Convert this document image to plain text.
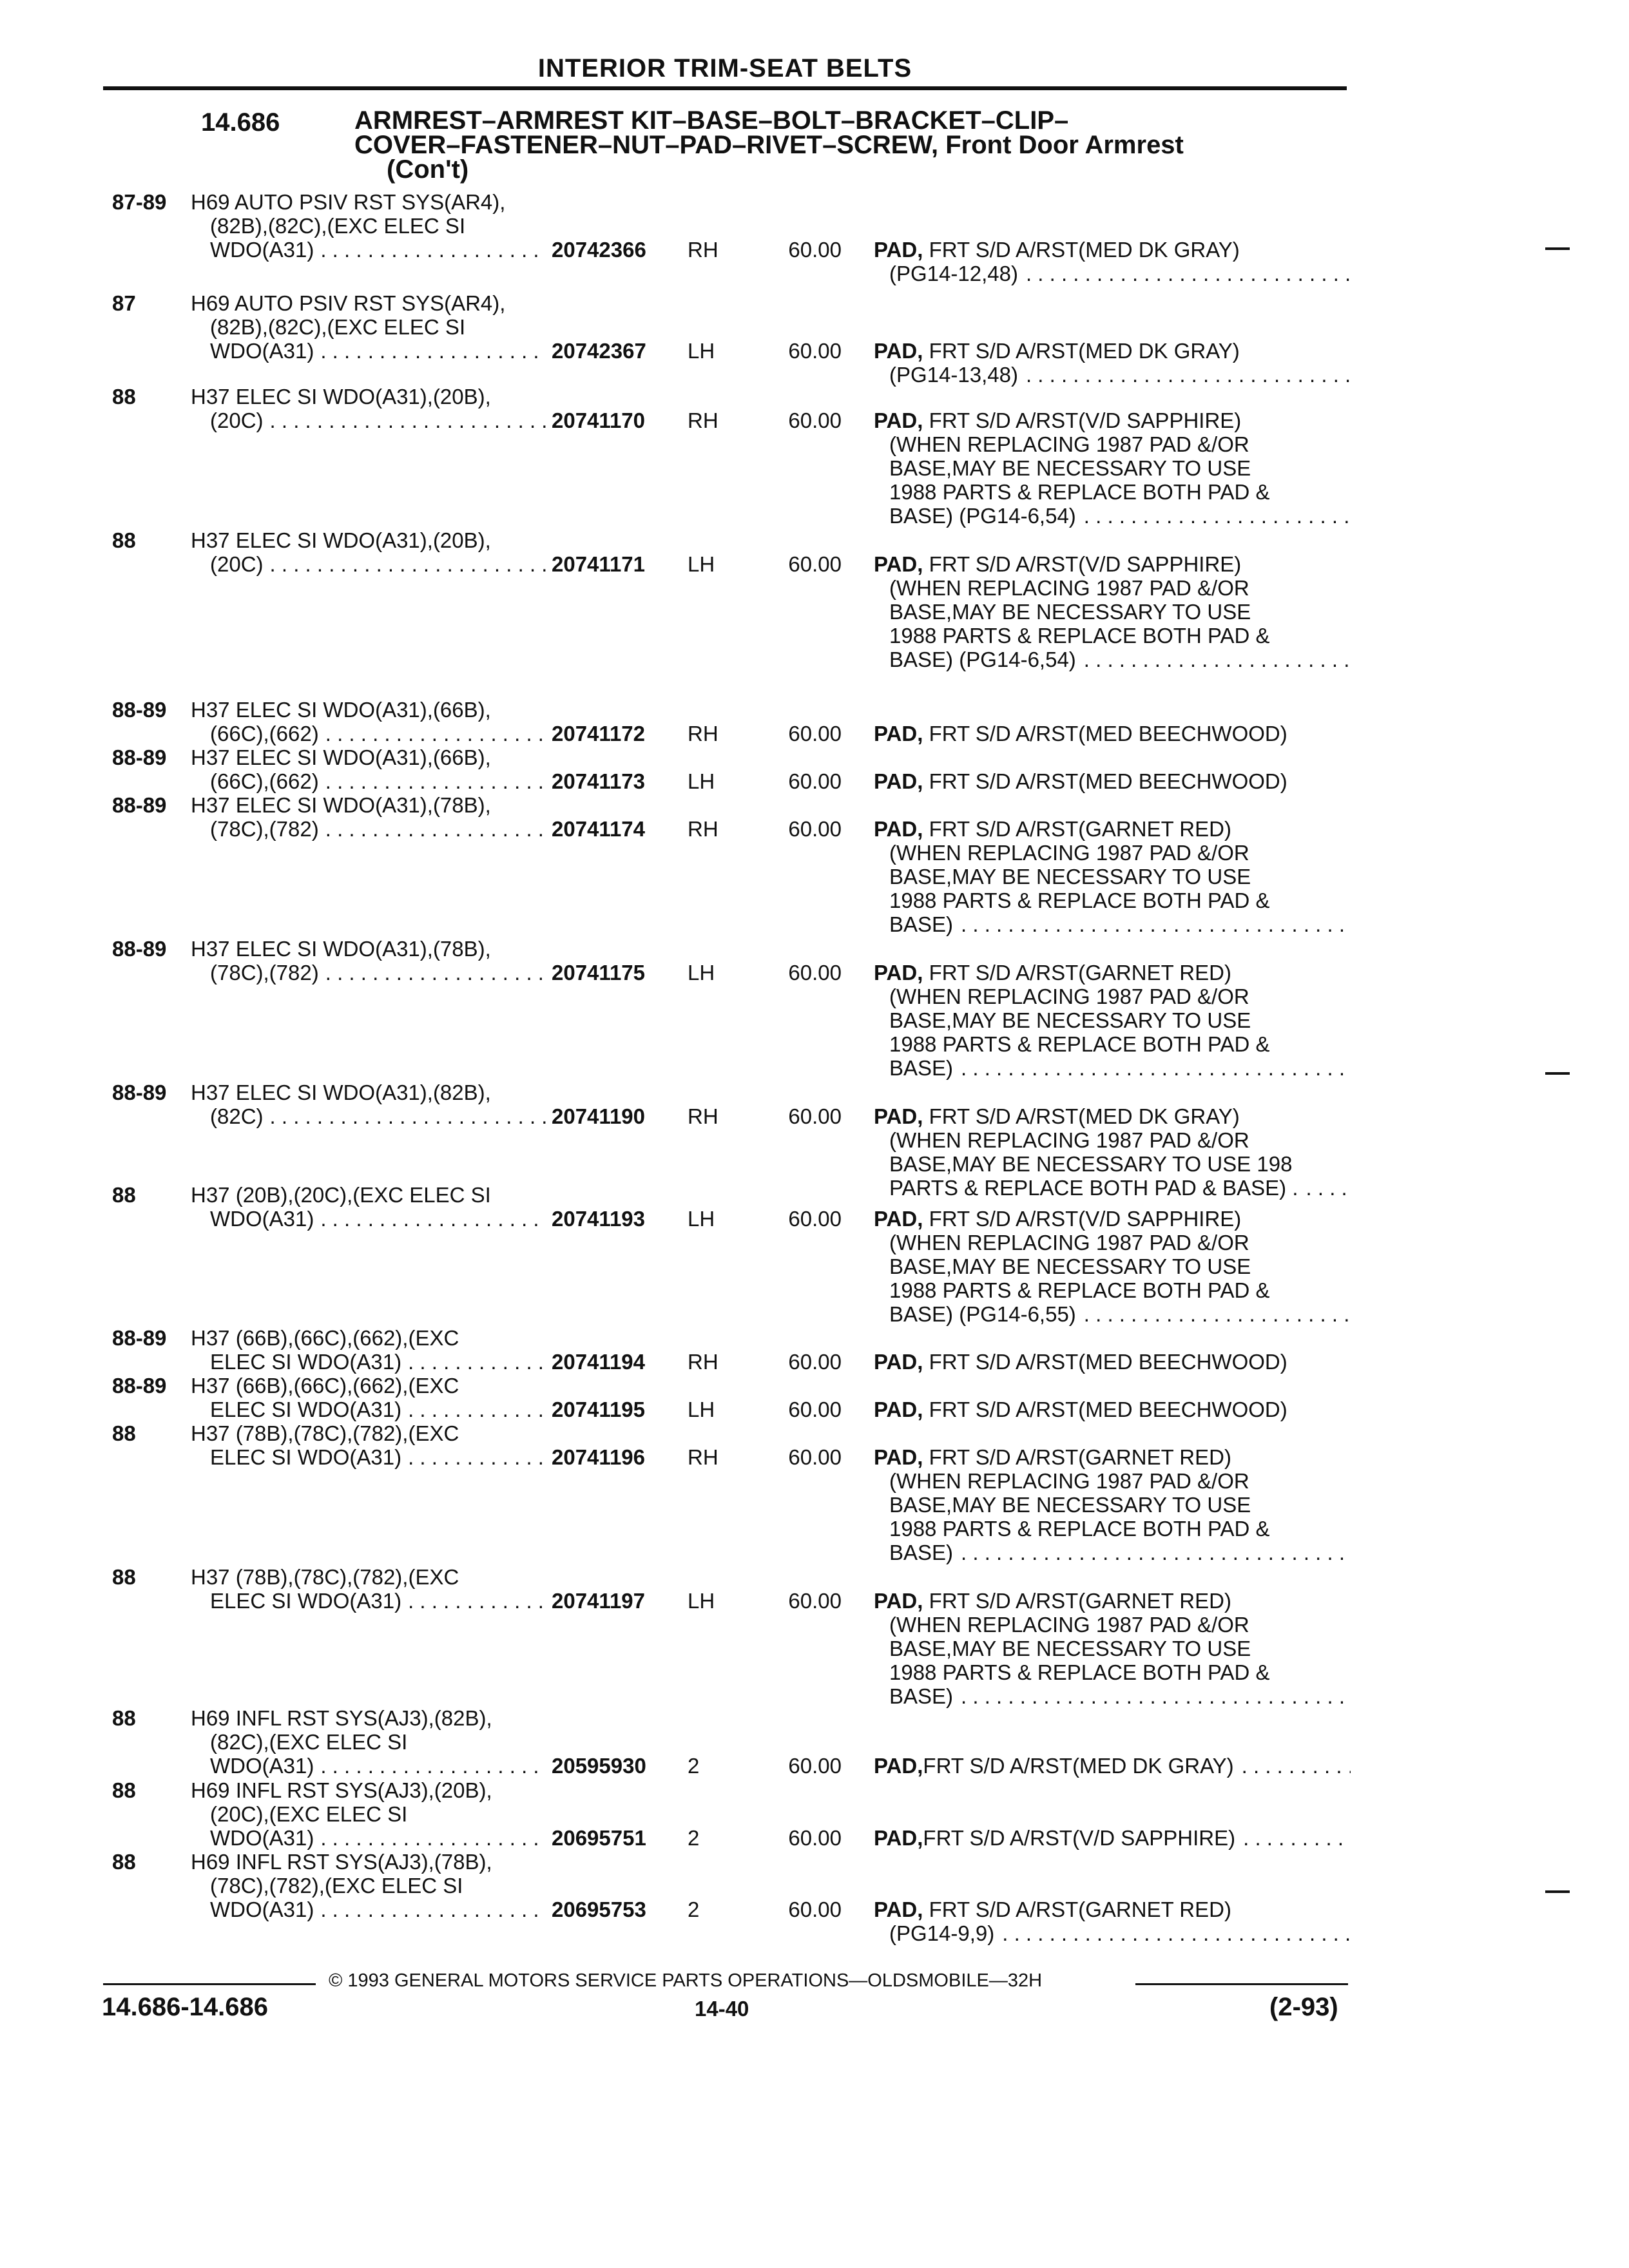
INTERIOR TRIM-SEAT BELTS
14.686	ARMREST–ARMREST KIT–BASE–BOLT–BRACKET–CLIP–
COVER–FASTENER–NUT–PAD–RIVET–SCREW, Front Door Armrest
(Con't)
87-89 H69 AUTO PSIV RST SYS(AR4),
(82B),(82C),(EXC ELEC SI
WDO(A31) . . .	20742366	RH	60.00 PAD, FRT S/D A/RST(MED DK GRAY)
(PG14-12,48)
. . .
87	H69 AUTO PSIV RST SYS(AR4),
(82B),(82C),(EXC ELEC SI
WDO(A31) . . .	20742367	LH	60.00 PAD, FRT S/D A/RST(MED DK GRAY)
(PG14-13,48)
. . .
88	H37 ELEC SI WDO(A31),(20B),
(20C) . . .	20741170	RH	60.00 PAD, FRT S/D A/RST(V/D SAPPHIRE)
(WHEN REPLACING 1987 PAD &/OR
BASE,MAY BE NECESSARY TO USE
1988 PARTS & REPLACE BOTH PAD &
BASE) (PG14-6,54)
. . .
88	H37 ELEC SI WDO(A31),(20B),
(20C) . . .	20741171	LH	60.00 PAD, FRT S/D A/RST(V/D SAPPHIRE)
(WHEN REPLACING 1987 PAD &/OR
BASE,MAY BE NECESSARY TO USE
1988 PARTS & REPLACE BOTH PAD &
BASE) (PG14-6,54)
. . .
88-89 H37 ELEC SI WDO(A31),(66B),
(66C),(662) . . .	20741172	RH	60.00 PAD, FRT S/D A/RST(MED BEECHWOOD)
88-89 H37 ELEC SI WDO(A31),(66B),
(66C),(662) . . .	20741173	LH	60.00 PAD, FRT S/D A/RST(MED BEECHWOOD)
88-89 H37 ELEC SI WDO(A31),(78B),
(78C),(782) . . .	20741174	RH	60.00 PAD, FRT S/D A/RST(GARNET RED)
(WHEN REPLACING 1987 PAD &/OR
BASE,MAY BE NECESSARY TO USE
1988 PARTS & REPLACE BOTH PAD &
BASE)
. . .
88-89 H37 ELEC SI WDO(A31),(78B),
(78C),(782) . . .	20741175	LH	60.00 PAD, FRT S/D A/RST(GARNET RED)
(WHEN REPLACING 1987 PAD &/OR
BASE,MAY BE NECESSARY TO USE
1988 PARTS & REPLACE BOTH PAD &
BASE)
. . .
88-89 H37 ELEC SI WDO(A31),(82B),
(82C) . . .	20741190	RH	60.00 PAD, FRT S/D A/RST(MED DK GRAY)
(WHEN REPLACING 1987 PAD &/OR
BASE,MAY BE NECESSARY TO USE 198
PARTS & REPLACE BOTH PAD & BASE) .
. . .
88	H37 (20B),(20C),(EXC ELEC SI
WDO(A31) . . .	20741193	LH	60.00 PAD, FRT S/D A/RST(V/D SAPPHIRE)
(WHEN REPLACING 1987 PAD &/OR
BASE,MAY BE NECESSARY TO USE
1988 PARTS & REPLACE BOTH PAD &
BASE) (PG14-6,55)
. . .
88-89 H37 (66B),(66C),(662),(EXC
ELEC SI WDO(A31) . . .	20741194	RH	60.00 PAD, FRT S/D A/RST(MED BEECHWOOD)
88-89 H37 (66B),(66C),(662),(EXC
ELEC SI WDO(A31) . . .	20741195	LH	60.00 PAD, FRT S/D A/RST(MED BEECHWOOD)
88	H37 (78B),(78C),(782),(EXC
ELEC SI WDO(A31) . . .	20741196	RH	60.00 PAD, FRT S/D A/RST(GARNET RED)
(WHEN REPLACING 1987 PAD &/OR
BASE,MAY BE NECESSARY TO USE
1988 PARTS & REPLACE BOTH PAD &
BASE)
. . .
88	H37 (78B),(78C),(782),(EXC
ELEC SI WDO(A31) . . .	20741197	LH	60.00 PAD, FRT S/D A/RST(GARNET RED)
(WHEN REPLACING 1987 PAD &/OR
BASE,MAY BE NECESSARY TO USE
1988 PARTS & REPLACE BOTH PAD &
BASE)
. . .
88	H69 INFL RST SYS(AJ3),(82B),
(82C),(EXC ELEC SI
WDO(A31) . . .	20595930	2	60.00 PAD, FRT S/D A/RST(MED DK GRAY)
. . .
88	H69 INFL RST SYS(AJ3),(20B),
(20C),(EXC ELEC SI
WDO(A31) . . .	20695751	2	60.00 PAD, FRT S/D A/RST(V/D SAPPHIRE)
. . .
88	H69 INFL RST SYS(AJ3),(78B),
(78C),(782),(EXC ELEC SI
WDO(A31) . . .	20695753	2	60.00 PAD, FRT S/D A/RST(GARNET RED)
(PG14-9,9)
. . .
© 1993 GENERAL MOTORS SERVICE PARTS OPERATIONS—OLDSMOBILE—32H
14.686-14.686	14-40	(2-93)
